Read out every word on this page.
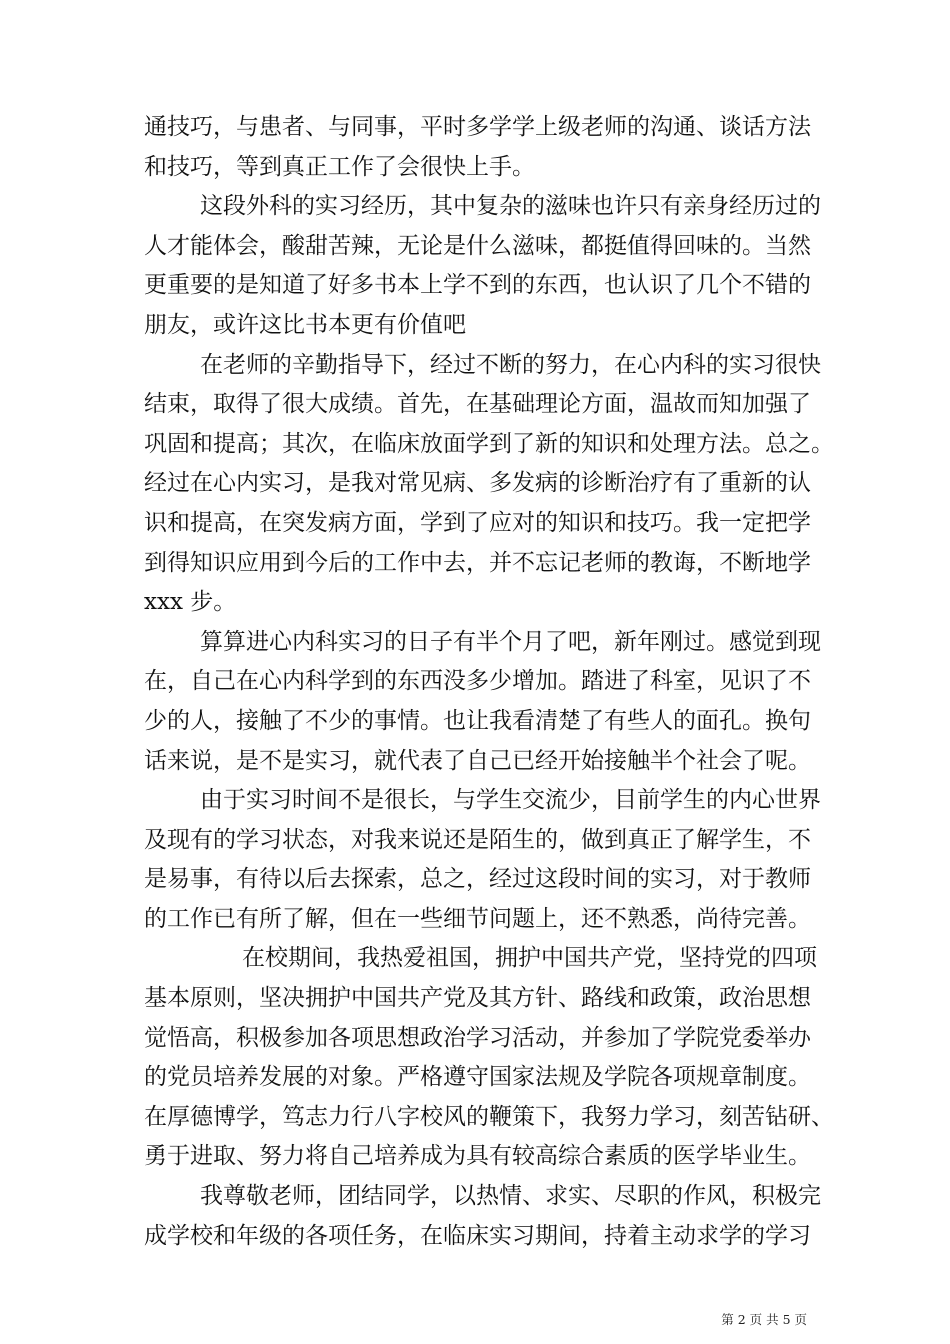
通技巧，与患者、与同事，平时多学学上级老师的沟通、谈话方法
和技巧，等到真正工作了会很快上手。
这段外科的实习经历，其中复杂的滋味也许只有亲身经历过的
人才能体会，酸甜苦辣，无论是什么滋味，都挺值得回味的。当然
更重要的是知道了好多书本上学不到的东西，也认识了几个不错的
朋友，或许这比书本更有价值吧
在老师的辛勤指导下，经过不断的努力，在心内科的实习很快
结束，取得了很大成绩。首先，在基础理论方面，温故而知加强了
巩固和提高；其次，在临床放面学到了新的知识和处理方法。总之。
经过在心内实习，是我对常见病、多发病的诊断治疗有了重新的认
识和提高，在突发病方面，学到了应对的知识和技巧。我一定把学
到得知识应用到今后的工作中去，并不忘记老师的教诲，不断地学
xxx 步。
算算进心内科实习的日子有半个月了吧，新年刚过。感觉到现
在，自己在心内科学到的东西没多少增加。踏进了科室，见识了不
少的人，接触了不少的事情。也让我看清楚了有些人的面孔。换句
话来说，是不是实习，就代表了自己已经开始接触半个社会了呢。
由于实习时间不是很长，与学生交流少，目前学生的内心世界
及现有的学习状态，对我来说还是陌生的，做到真正了解学生，不
是易事，有待以后去探索，总之，经过这段时间的实习，对于教师
的工作已有所了解，但在一些细节问题上，还不熟悉，尚待完善。
在校期间，我热爱祖国，拥护中国共产党，坚持党的四项
基本原则，坚决拥护中国共产党及其方针、路线和政策，政治思想
觉悟高，积极参加各项思想政治学习活动，并参加了学院党委举办
的党员培养发展的对象。严格遵守国家法规及学院各项规章制度。
在厚德博学，笃志力行八字校风的鞭策下，我努力学习，刻苦钻研、
勇于进取、努力将自己培养成为具有较高综合素质的医学毕业生。
我尊敬老师，团结同学，以热情、求实、尽职的作风，积极完
成学校和年级的各项任务，在临床实习期间，持着主动求学的学习
第 2 页 共 5 页
